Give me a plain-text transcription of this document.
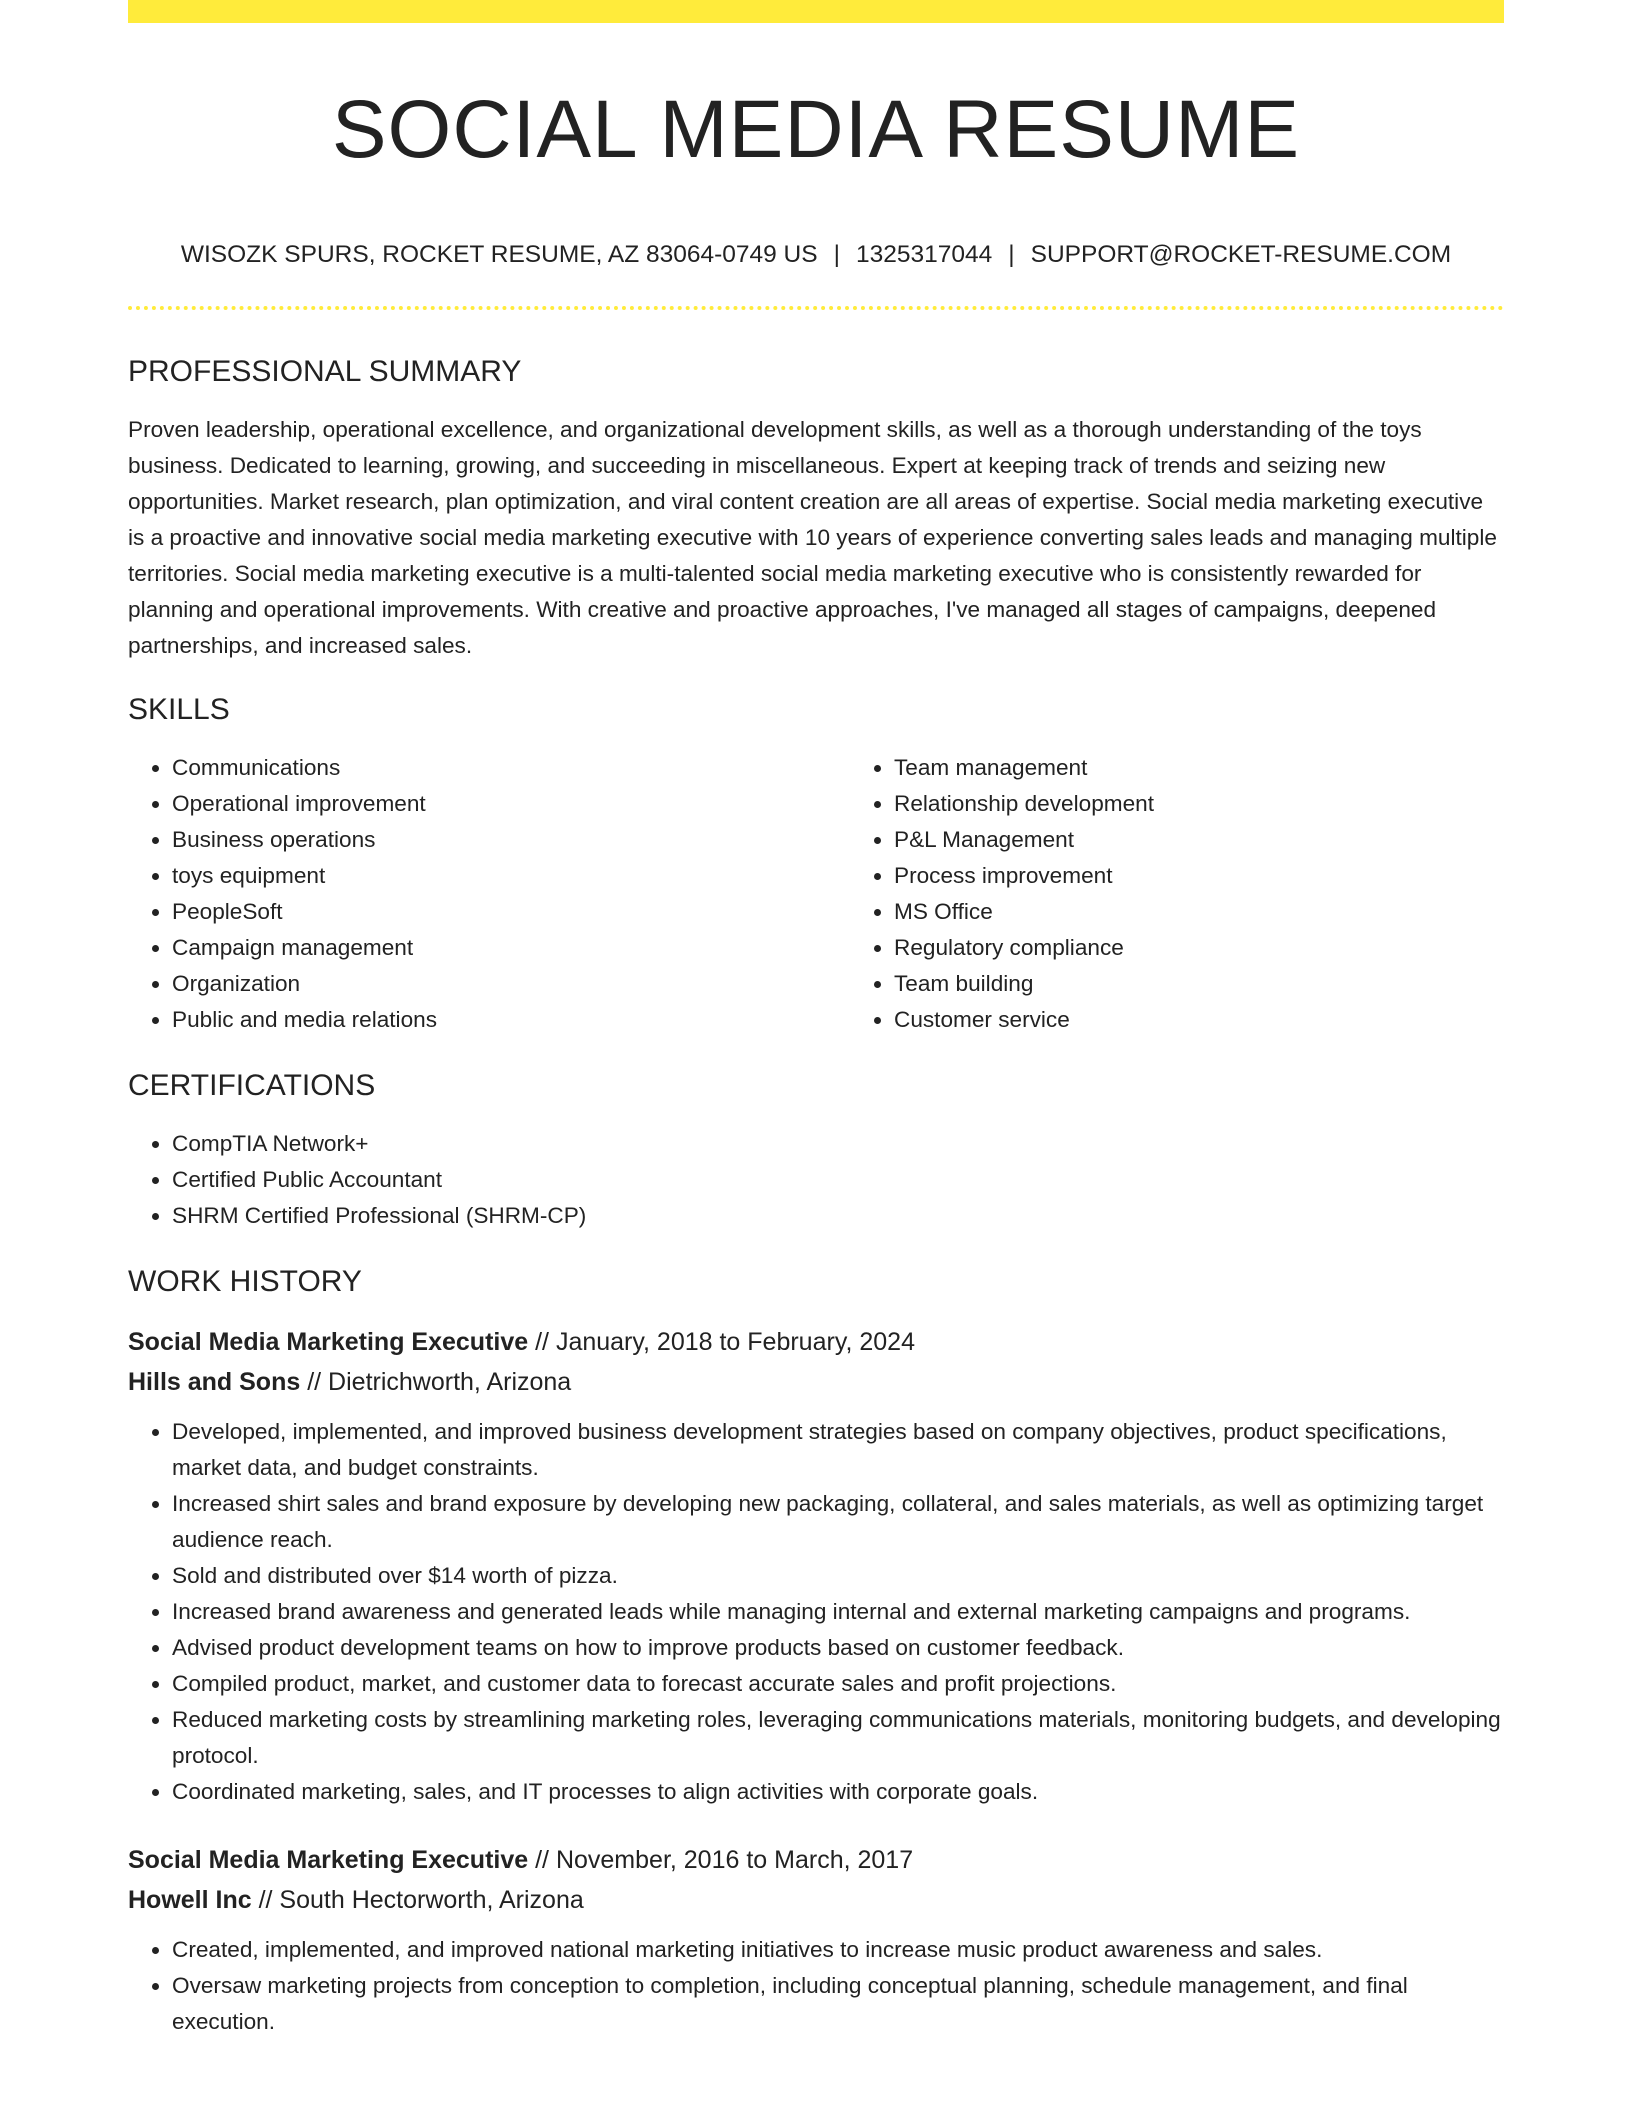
SOCIAL MEDIA RESUME
WISOZK SPURS, ROCKET RESUME, AZ 83064-0749 US | 1325317044 | SUPPORT@ROCKET-RESUME.COM
PROFESSIONAL SUMMARY

Proven leadership, operational excellence, and organizational development skills, as well as a thorough understanding of the toys business. Dedicated to learning, growing, and succeeding in miscellaneous. Expert at keeping track of trends and seizing new opportunities. Market research, plan optimization, and viral content creation are all areas of expertise. Social media marketing executive is a proactive and innovative social media marketing executive with 10 years of experience converting sales leads and managing multiple territories. Social media marketing executive is a multi-talented social media marketing executive who is consistently rewarded for planning and operational improvements. With creative and proactive approaches, I've managed all stages of campaigns, deepened partnerships, and increased sales.

SKILLS
• Communications
• Operational improvement
• Business operations
• toys equipment
• PeopleSoft
• Campaign management
• Organization
• Public and media relations
• Team management
• Relationship development
• P&L Management
• Process improvement
• MS Office
• Regulatory compliance
• Team building
• Customer service
CERTIFICATIONS
• CompTIA Network+
• Certified Public Accountant
• SHRM Certified Professional (SHRM-CP)
WORK HISTORY
Social Media Marketing Executive // January, 2018 to February, 2024
Hills and Sons // Dietrichworth, Arizona
• Developed, implemented, and improved business development strategies based on company objectives, product specifications, market data, and budget constraints.
• Increased shirt sales and brand exposure by developing new packaging, collateral, and sales materials, as well as optimizing target audience reach.
• Sold and distributed over $14 worth of pizza.
• Increased brand awareness and generated leads while managing internal and external marketing campaigns and programs.
• Advised product development teams on how to improve products based on customer feedback.
• Compiled product, market, and customer data to forecast accurate sales and profit projections.
• Reduced marketing costs by streamlining marketing roles, leveraging communications materials, monitoring budgets, and developing protocol.
• Coordinated marketing, sales, and IT processes to align activities with corporate goals.
Social Media Marketing Executive // November, 2016 to March, 2017
Howell Inc // South Hectorworth, Arizona
• Created, implemented, and improved national marketing initiatives to increase music product awareness and sales.
• Oversaw marketing projects from conception to completion, including conceptual planning, schedule management, and final execution.
